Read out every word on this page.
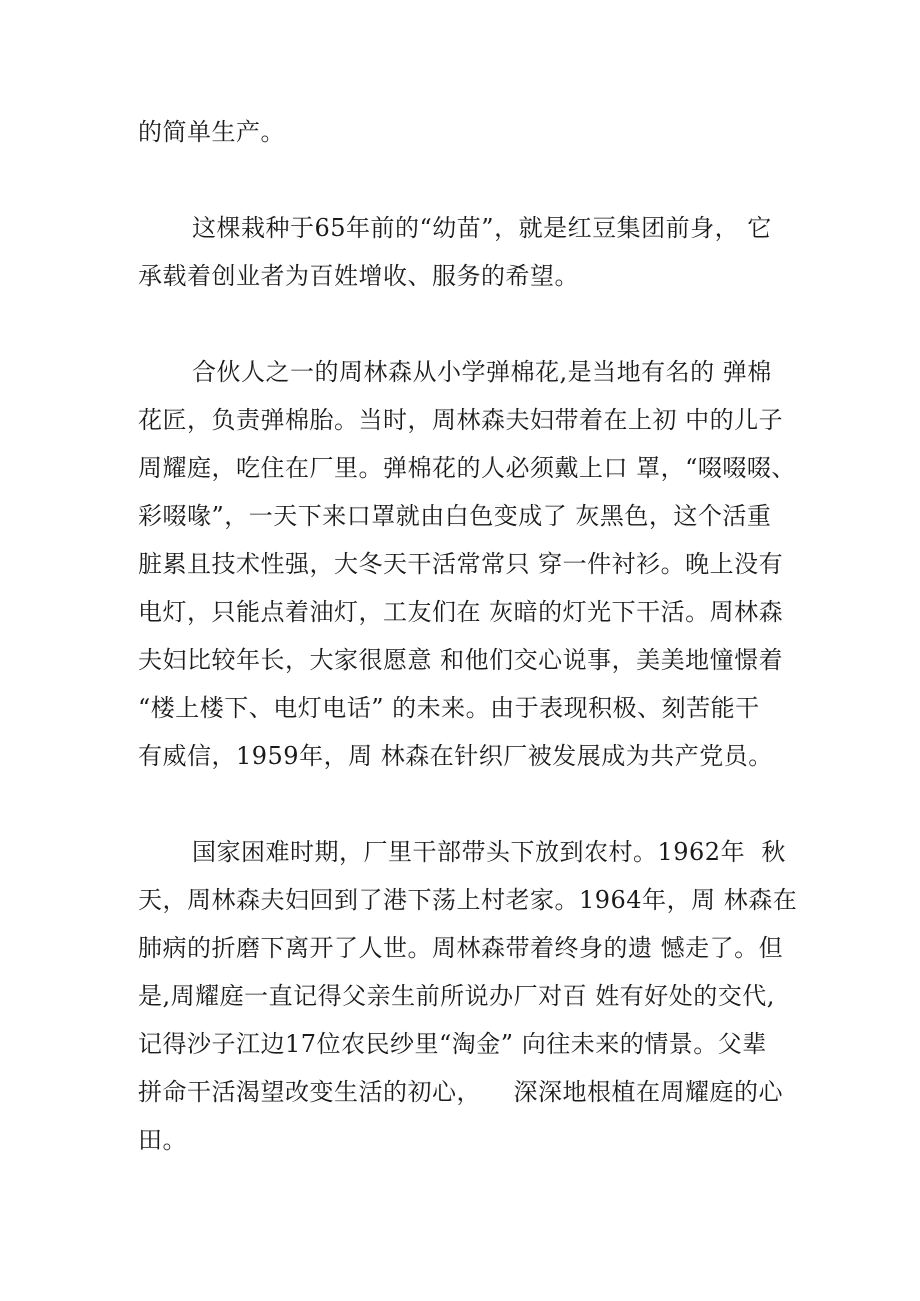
的简单生产。
这棵栽种于65年前的“幼苗”，就是红豆集团前身， 它
承载着创业者为百姓增收、服务的希望。
合伙人之一的周林森从小学弹棉花,是当地有名的 弹棉
花匠，负责弹棉胎。当时，周林森夫妇带着在上初 中的儿子
周耀庭，吃住在厂里。弹棉花的人必须戴上口 罩，“啜啜啜、
彩啜喙”，一天下来口罩就由白色变成了 灰黑色，这个活重
脏累且技术性强，大冬天干活常常只 穿一件衬衫。晚上没有
电灯，只能点着油灯，工友们在 灰暗的灯光下干活。周林森
夫妇比较年长，大家很愿意 和他们交心说事，美美地憧憬着
“楼上楼下、电灯电话” 的未来。由于表现积极、刻苦能干
有威信，1959年，周 林森在针织厂被发展成为共产党员。
国家困难时期，厂里干部带头下放到农村。1962年  秋
天，周林森夫妇回到了港下荡上村老家。1964年，周 林森在
肺病的折磨下离开了人世。周林森带着终身的遗 憾走了。但
是,周耀庭一直记得父亲生前所说办厂对百 姓有好处的交代,
记得沙子江边17位农民纱里“淘金” 向往未来的情景。父辈
拼命干活渴望改变生活的初心，    深深地根植在周耀庭的心
田。
